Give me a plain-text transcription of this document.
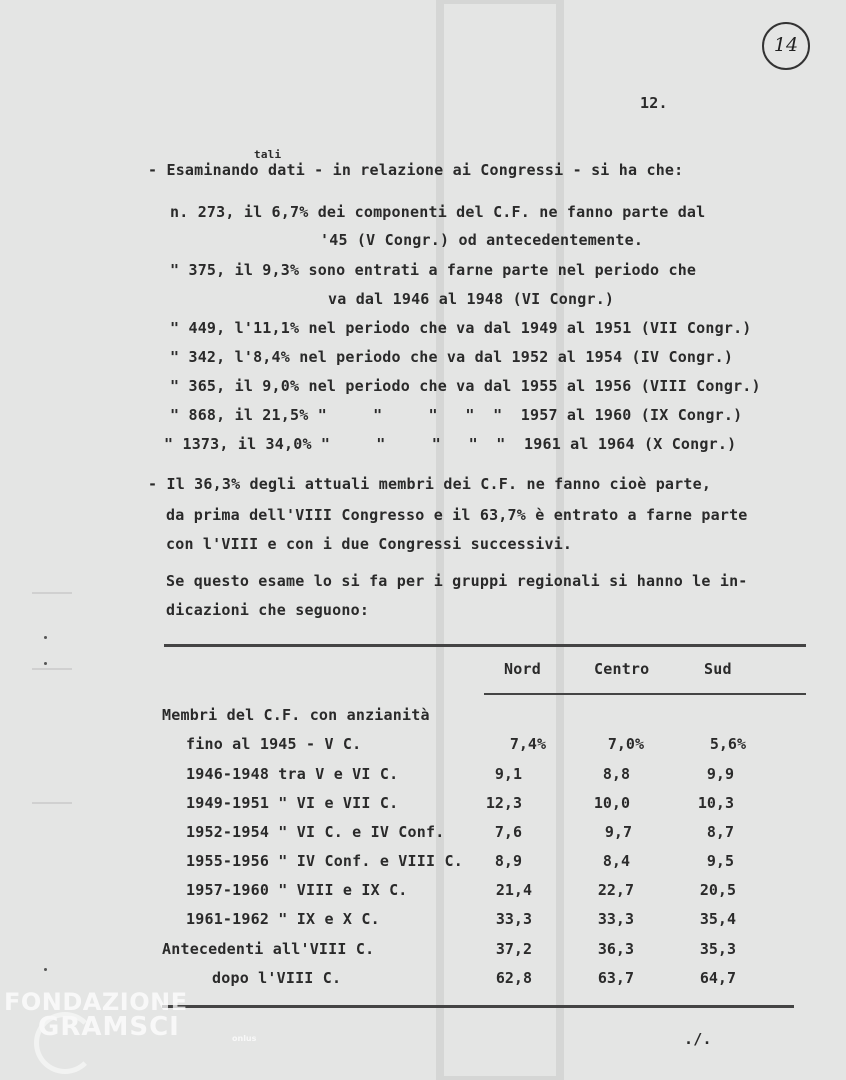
14
12.
tali
- Esaminando dati - in relazione ai Congressi - si ha che:
n. 273, il 6,7% dei componenti del C.F. ne fanno parte dal
'45 (V Congr.) od antecedentemente.
" 375, il 9,3% sono entrati a farne parte nel periodo che
va dal 1946 al 1948 (VI Congr.)
" 449, l'11,1% nel periodo che va dal 1949 al 1951 (VII Congr.)
" 342, l'8,4% nel periodo che va dal 1952 al 1954 (IV Congr.)
" 365, il 9,0% nel periodo che va dal 1955 al 1956 (VIII Congr.)
" 868, il 21,5% "     "     "   "  "  1957 al 1960 (IX Congr.)
" 1373, il 34,0% "     "     "   "  "  1961 al 1964 (X Congr.)
- Il 36,3% degli attuali membri dei C.F. ne fanno cioè parte,
da prima dell'VIII Congresso e il 63,7% è entrato a farne parte
con l'VIII e con i due Congressi successivi.
Se questo esame lo si fa per i gruppi regionali si hanno le in-
dicazioni che seguono:
Nord	Centro	Sud
Membri del C.F. con anzianità
fino al 1945 - V C.	7,4%	7,0%	5,6%
1946-1948 tra V e VI C.	9,1	8,8	9,9
1949-1951 " VI e VII C.	12,3	10,0	10,3
1952-1954 " VI C. e IV Conf.	7,6	9,7	8,7
1955-1956 " IV Conf. e VIII C.	8,9	8,4	9,5
1957-1960 " VIII e IX C.	21,4	22,7	20,5
1961-1962 " IX e X C.	33,3	33,3	35,4
Antecedenti all'VIII C.	37,2	36,3	35,3
dopo l'VIII C.	62,8	63,7	64,7
./.
FONDAZIONE
GRAMSCI	onlus
